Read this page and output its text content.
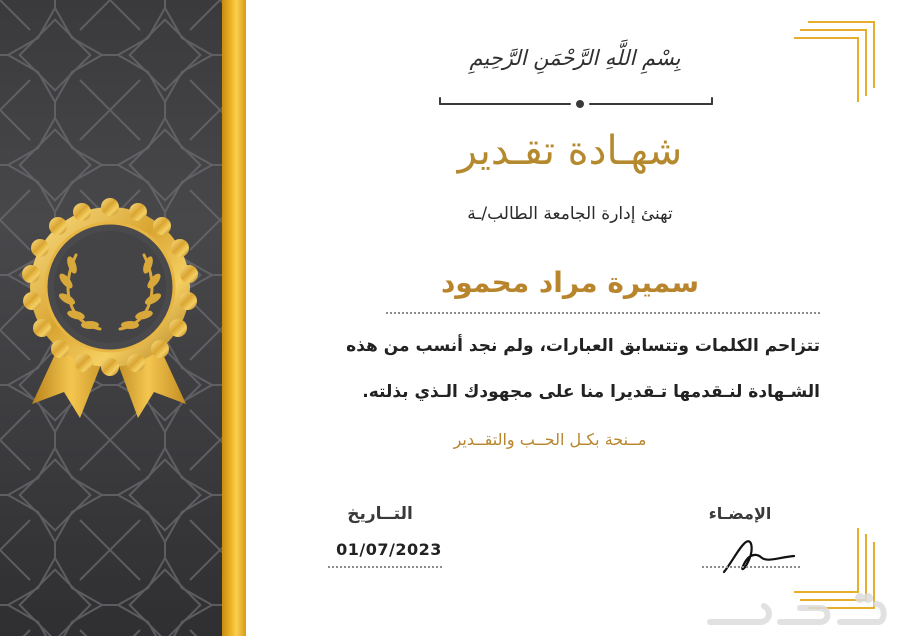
بِسْمِ اللَّهِ الرَّحْمَنِ الرَّحِيمِ
شهـادة تقـدير
تهنئ إدارة الجامعة الطالب/ـة
سميرة مراد محمود
تتزاحم الكلمات وتتسابق العبارات، ولم نجد أنسب من هذه
الشـهادة لنـقدمها تـقديرا منا على مجهودك الـذي بذلته.
مــنحة بكـل الحــب والتقــدير
التــاريخ
01/07/2023
الإمضـاء
